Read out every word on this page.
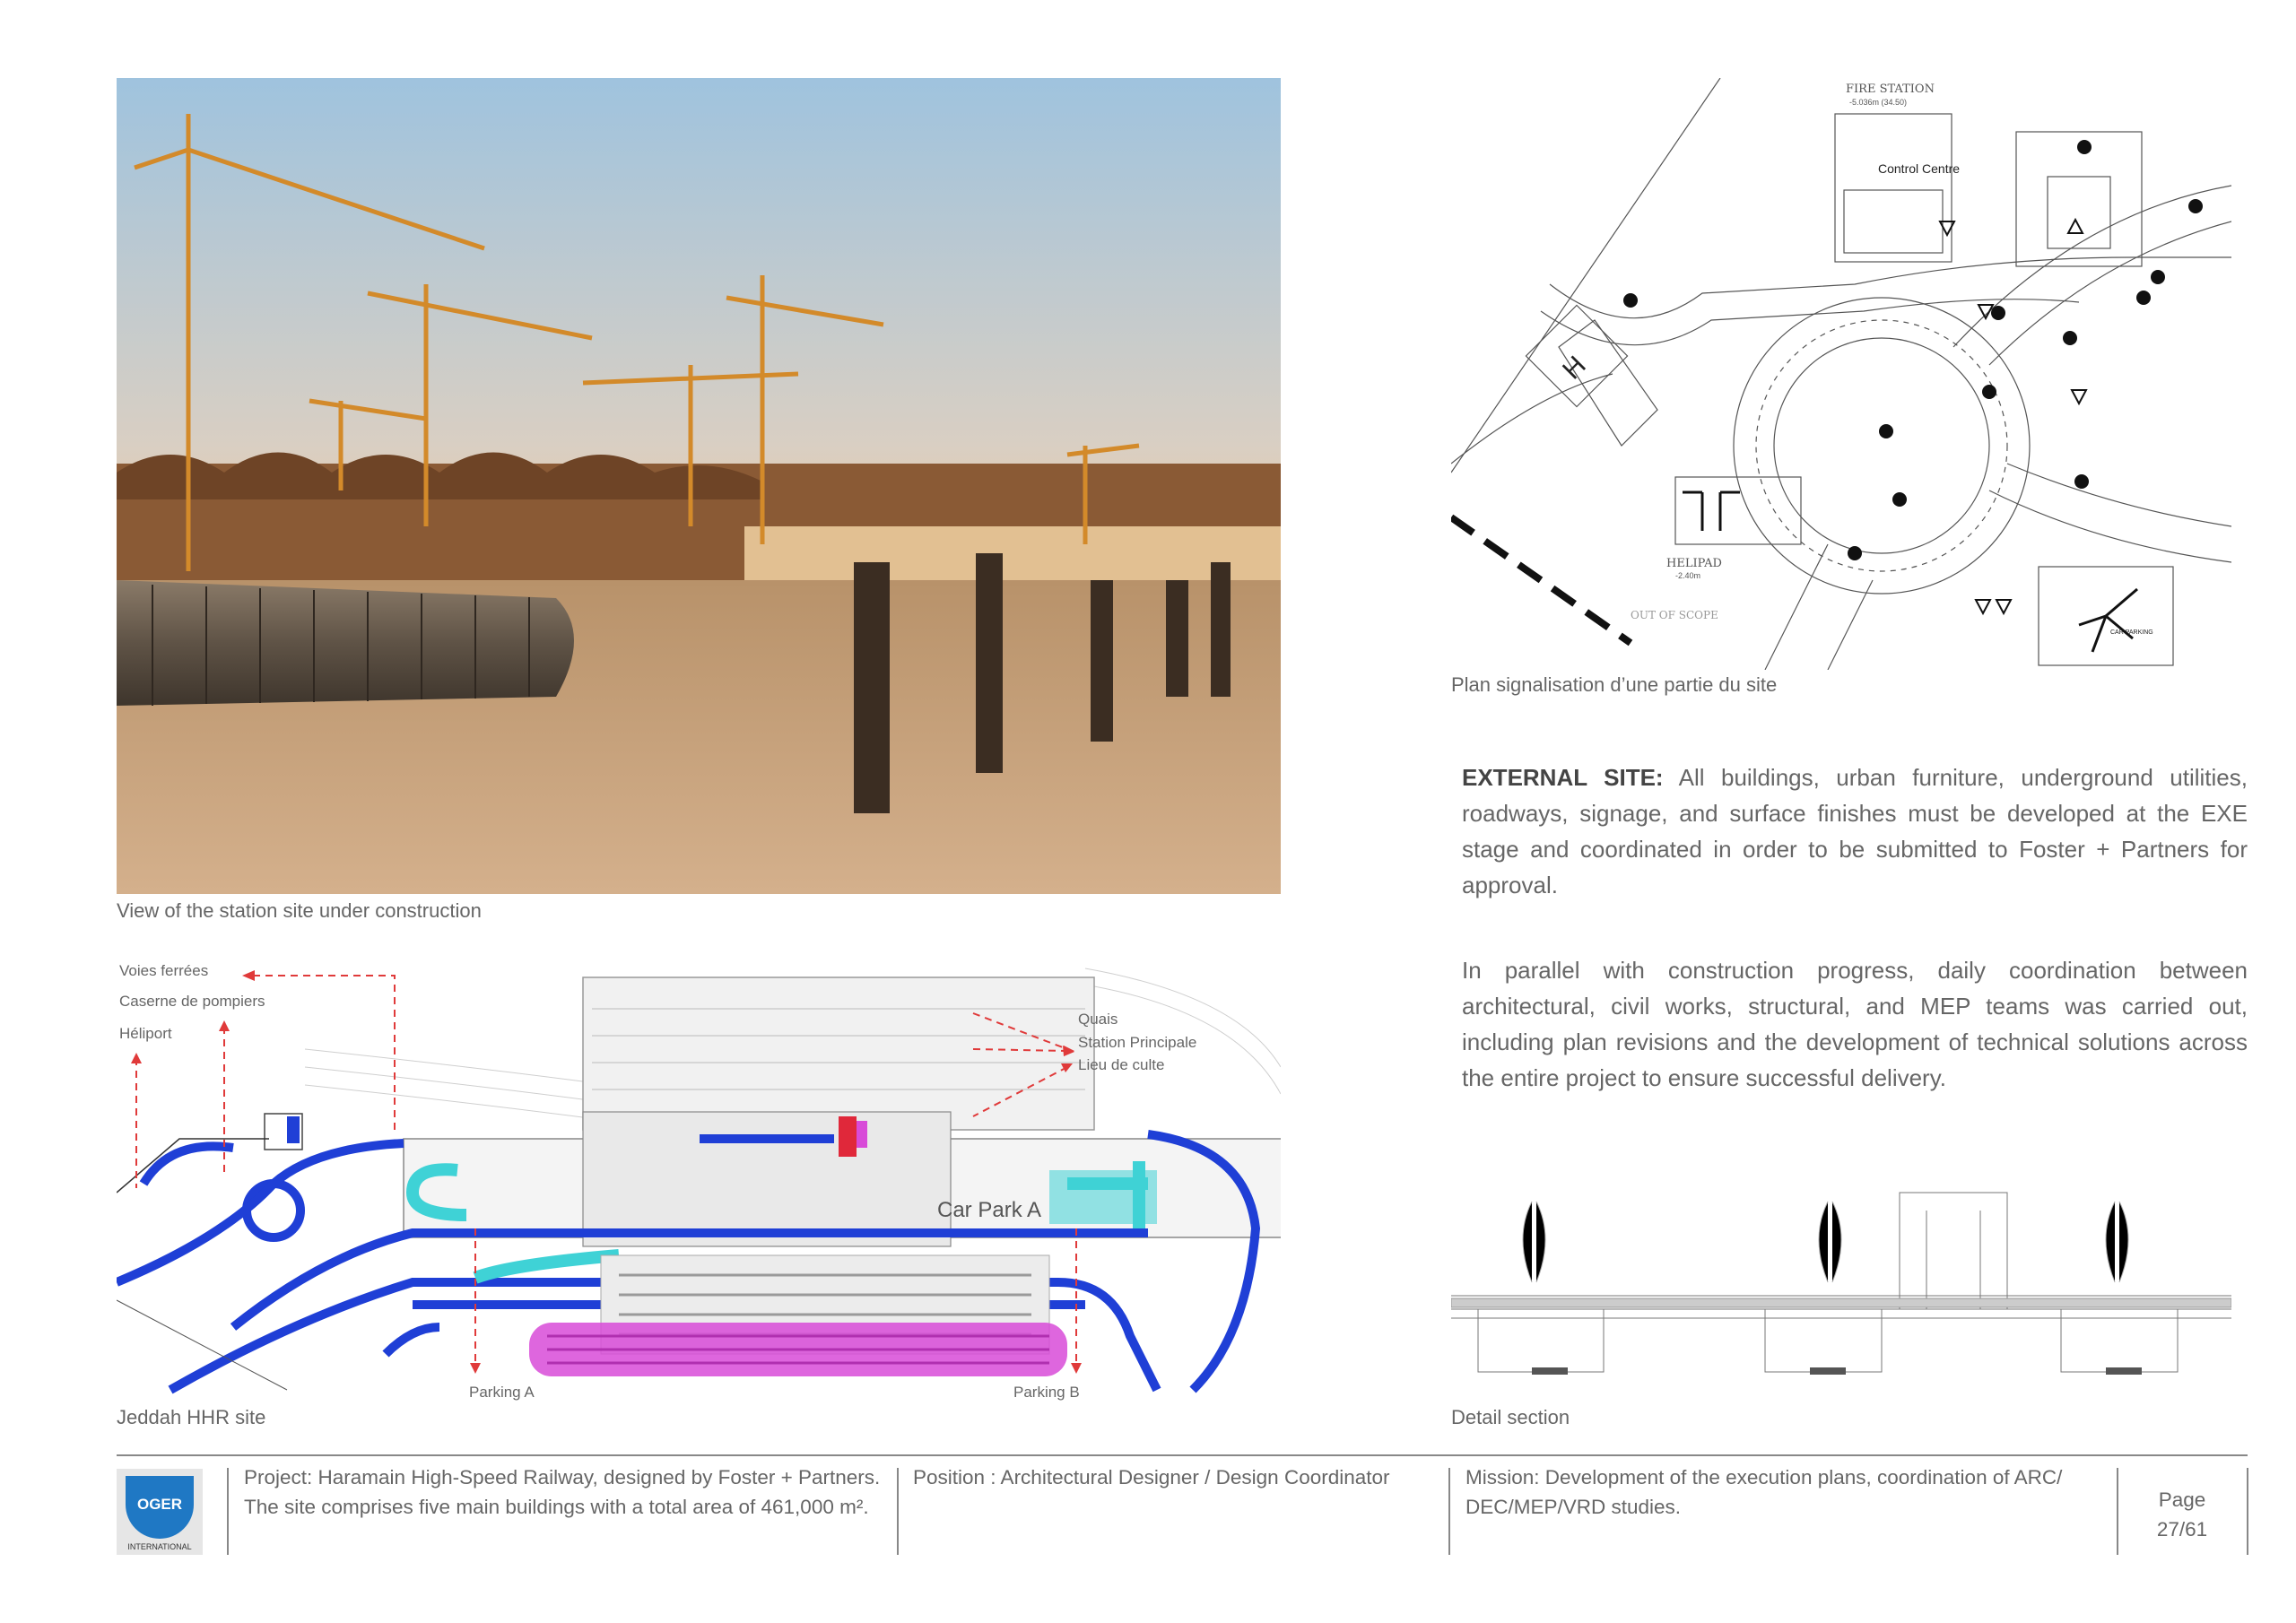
View of the station site under construction
Control Centre
FIRE STATION
-5.036m (34.50)
HELIPAD
-2.40m
OUT OF SCOPE
CAR PARKING
H
Plan signalisation d’une partie du site
EXTERNAL SITE: All buildings, urban furniture, underground utilities, roadways, signage, and surface finishes must be developed at the EXE stage and coordinated in order to be submitted to Foster + Partners for approval.
In parallel with construction progress, daily coordination between architectural, civil works, structural, and MEP teams was carried out, including plan revisions and the development of technical solutions across the entire project to ensure successful delivery.
Car Park A
Voies ferrées
Caserne de pompiers
Héliport
Quais
Station Principale
Lieu de culte
Parking A	Parking B
Jeddah HHR site	Detail section
OGER
INTERNATIONAL
Project: Haramain High-Speed Railway, designed by Foster + Partners.
The site comprises five main buildings with a total area of 461,000 m².
Position : Architectural Designer / Design Coordinator	Mission: Development of the execution plans, coordination of ARC/
DEC/MEP/VRD studies.	Page
27/61
